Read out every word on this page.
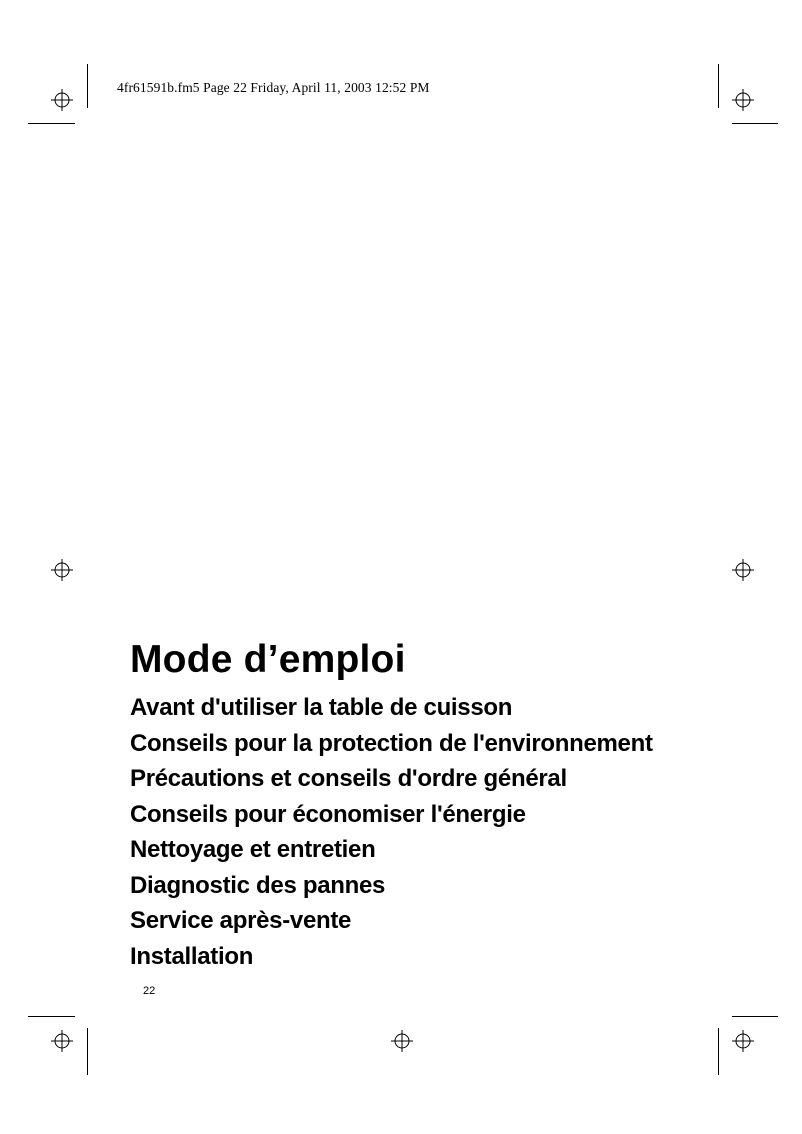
4fr61591b.fm5 Page 22 Friday, April 11, 2003 12:52 PM
Mode d’emploi
Avant d'utiliser la table de cuisson
Conseils pour la protection de l'environnement
Précautions et conseils d'ordre général
Conseils pour économiser l'énergie
Nettoyage et entretien
Diagnostic des pannes
Service après-vente
Installation
22
